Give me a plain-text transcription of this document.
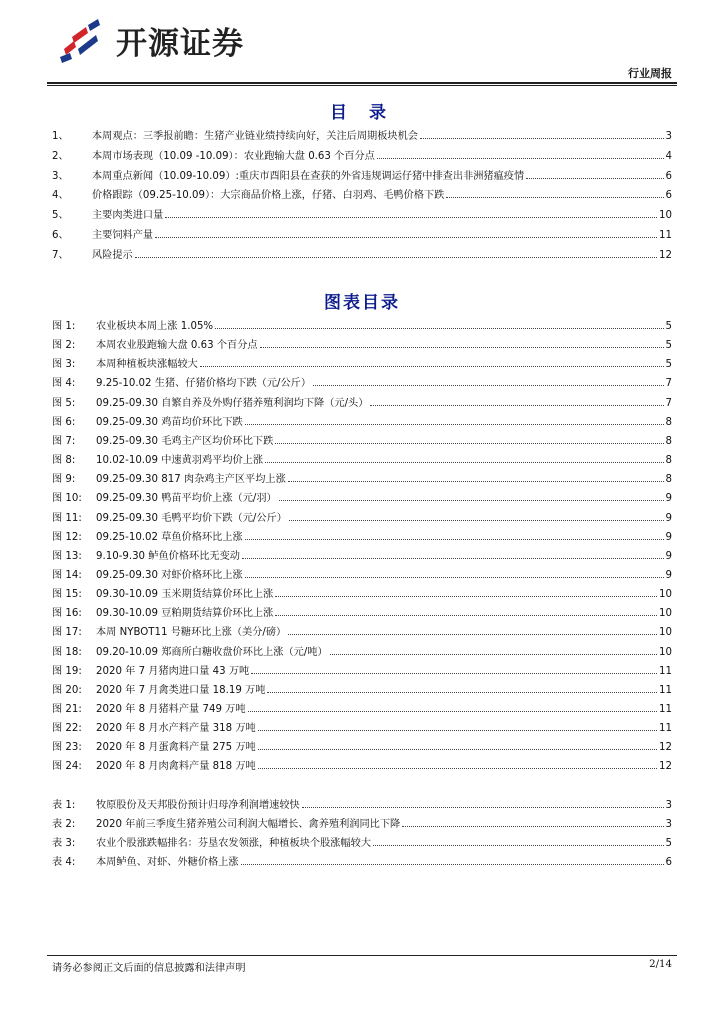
开源证券
行业周报
目 录
1、	本周观点：三季报前瞻：生猪产业链业绩持续向好，关注后周期板块机会	3
2、	本周市场表现（10.09 -10.09）：农业跑输大盘 0.63 个百分点	4
3、	本周重点新闻（10.09-10.09）:重庆市酉阳县在查获的外省违规调运仔猪中排查出非洲猪瘟疫情	6
4、	价格跟踪（09.25-10.09）：大宗商品价格上涨，仔猪、白羽鸡、毛鸭价格下跌	6
5、	主要肉类进口量	10
6、	主要饲料产量	11
7、	风险提示	12
图表目录
图 1:	农业板块本周上涨 1.05%	5
图 2:	本周农业股跑输大盘 0.63 个百分点	5
图 3:	本周种植板块涨幅较大	5
图 4:	9.25-10.02 生猪、仔猪价格均下跌（元/公斤）	7
图 5:	09.25-09.30 自繁自养及外购仔猪养殖利润均下降（元/头）	7
图 6:	09.25-09.30 鸡苗均价环比下跌	8
图 7:	09.25-09.30 毛鸡主产区均价环比下跌	8
图 8:	10.02-10.09 中速黄羽鸡平均价上涨	8
图 9:	09.25-09.30 817 肉杂鸡主产区平均上涨	8
图 10:	09.25-09.30 鸭苗平均价上涨（元/羽）	9
图 11:	09.25-09.30 毛鸭平均价下跌（元/公斤）	9
图 12:	09.25-10.02 草鱼价格环比上涨	9
图 13:	9.10-9.30 鲈鱼价格环比无变动	9
图 14:	09.25-09.30 对虾价格环比上涨	9
图 15:	09.30-10.09 玉米期货结算价环比上涨	10
图 16:	09.30-10.09 豆粕期货结算价环比上涨	10
图 17:	本周 NYBOT11 号糖环比上涨（美分/磅）	10
图 18:	09.20-10.09 郑商所白糖收盘价环比上涨（元/吨）	10
图 19:	2020 年 7 月猪肉进口量 43 万吨	11
图 20:	2020 年 7 月禽类进口量 18.19 万吨	11
图 21:	2020 年 8 月猪料产量 749 万吨	11
图 22:	2020 年 8 月水产料产量 318 万吨	11
图 23:	2020 年 8 月蛋禽料产量 275 万吨	12
图 24:	2020 年 8 月肉禽料产量 818 万吨	12
表 1:	牧原股份及天邦股份预计归母净利润增速较快	3
表 2:	2020 年前三季度生猪养殖公司利润大幅增长、禽养殖利润同比下降	3
表 3:	农业个股涨跌幅排名：芬垦农发领涨，种植板块个股涨幅较大	5
表 4:	本周鲈鱼、对虾、外糖价格上涨	6
请务必参阅正文后面的信息披露和法律声明	2/14
